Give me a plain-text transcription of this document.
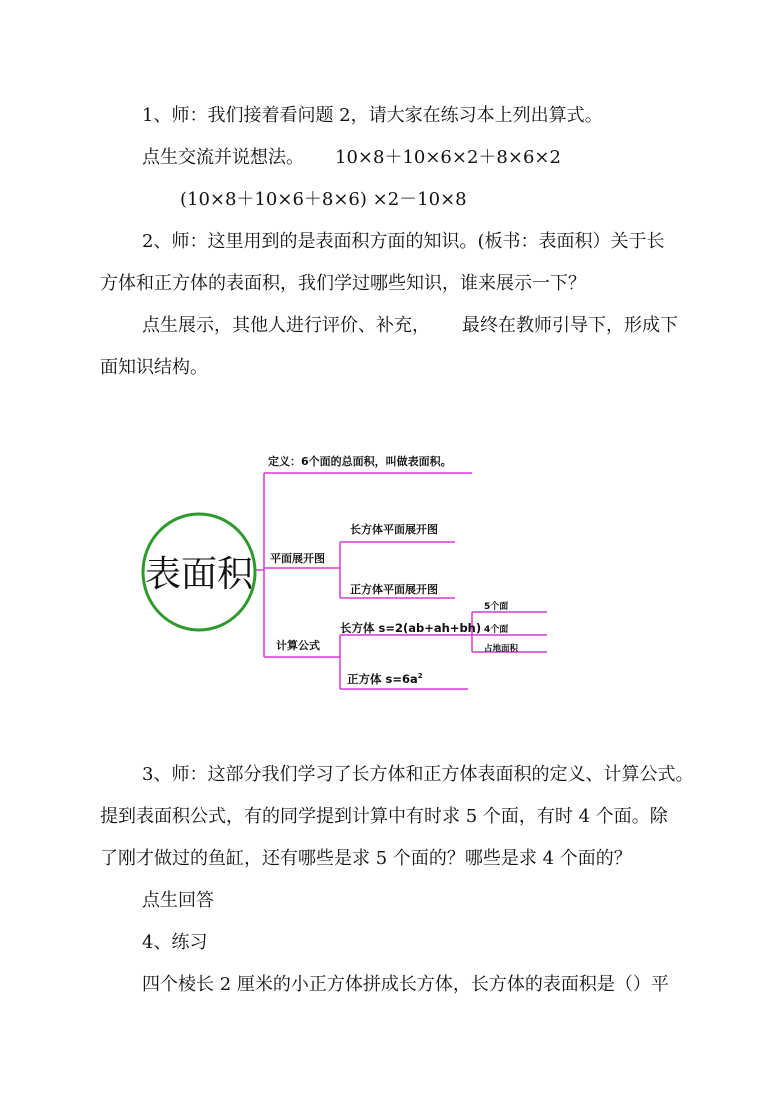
1、师：我们接着看问题 2，请大家在练习本上列出算式。
点生交流并说想法。	10×8＋10×6×2＋8×6×2
(10×8＋10×6＋8×6) ×2－10×8
2、师：这里用到的是表面积方面的知识。(板书：表面积）关于长
方体和正方体的表面积，我们学过哪些知识，谁来展示一下？
点生展示，其他人进行评价、补充，	最终在教师引导下，形成下
面知识结构。
表面积
定义：6个面的总面积，叫做表面积。
平面展开图
长方体平面展开图
正方体平面展开图
计算公式
长方体 s=2(ab+ah+bh)
正方体 $s=6a^2$
5个面
4个面
占地面积
3、师：这部分我们学习了长方体和正方体表面积的定义、计算公式。
提到表面积公式，有的同学提到计算中有时求 5 个面，有时 4 个面。除
了刚才做过的鱼缸，还有哪些是求 5 个面的？哪些是求 4 个面的？
点生回答
4、练习
四个棱长 2 厘米的小正方体拼成长方体，长方体的表面积是（）平
